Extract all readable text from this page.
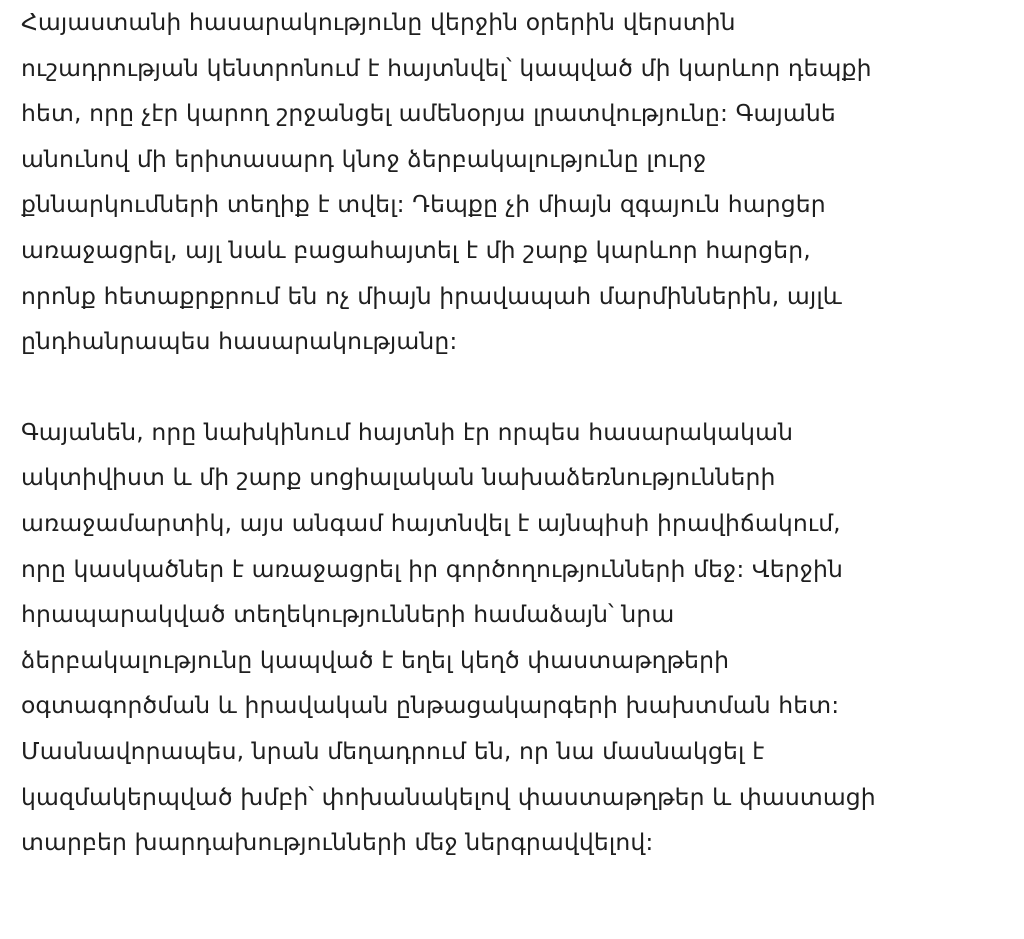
Հայաստանի հասարակությունը վերջին օրերին վերստին
ուշադրության կենտրոնում է հայտնվել՝ կապված մի կարևոր դեպքի
հետ, որը չէր կարող շրջանցել ամենօրյա լրատվությունը: Գայանե
անունով մի երիտասարդ կնոջ ձերբակալությունը լուրջ
քննարկումների տեղիք է տվել: Դեպքը չի միայն զգայուն հարցեր
առաջացրել, այլ նաև բացահայտել է մի շարք կարևոր հարցեր,
որոնք հետաքրքրում են ոչ միայն իրավապահ մարմիններին, այլև
ընդհանրապես հասարակությանը:
Գայանեն, որը նախկինում հայտնի էր որպես հասարակական
ակտիվիստ և մի շարք սոցիալական նախաձեռնությունների
առաջամարտիկ, այս անգամ հայտնվել է այնպիսի իրավիճակում,
որը կասկածներ է առաջացրել իր գործողությունների մեջ: Վերջին
հրապարակված տեղեկությունների համաձայն՝ նրա
ձերբակալությունը կապված է եղել կեղծ փաստաթղթերի
օգտագործման և իրավական ընթացակարգերի խախտման հետ:
Մասնավորապես, նրան մեղադրում են, որ նա մասնակցել է
կազմակերպված խմբի՝ փոխանակելով փաստաթղթեր և փաստացի
տարբեր խարդախությունների մեջ ներգրավվելով:
